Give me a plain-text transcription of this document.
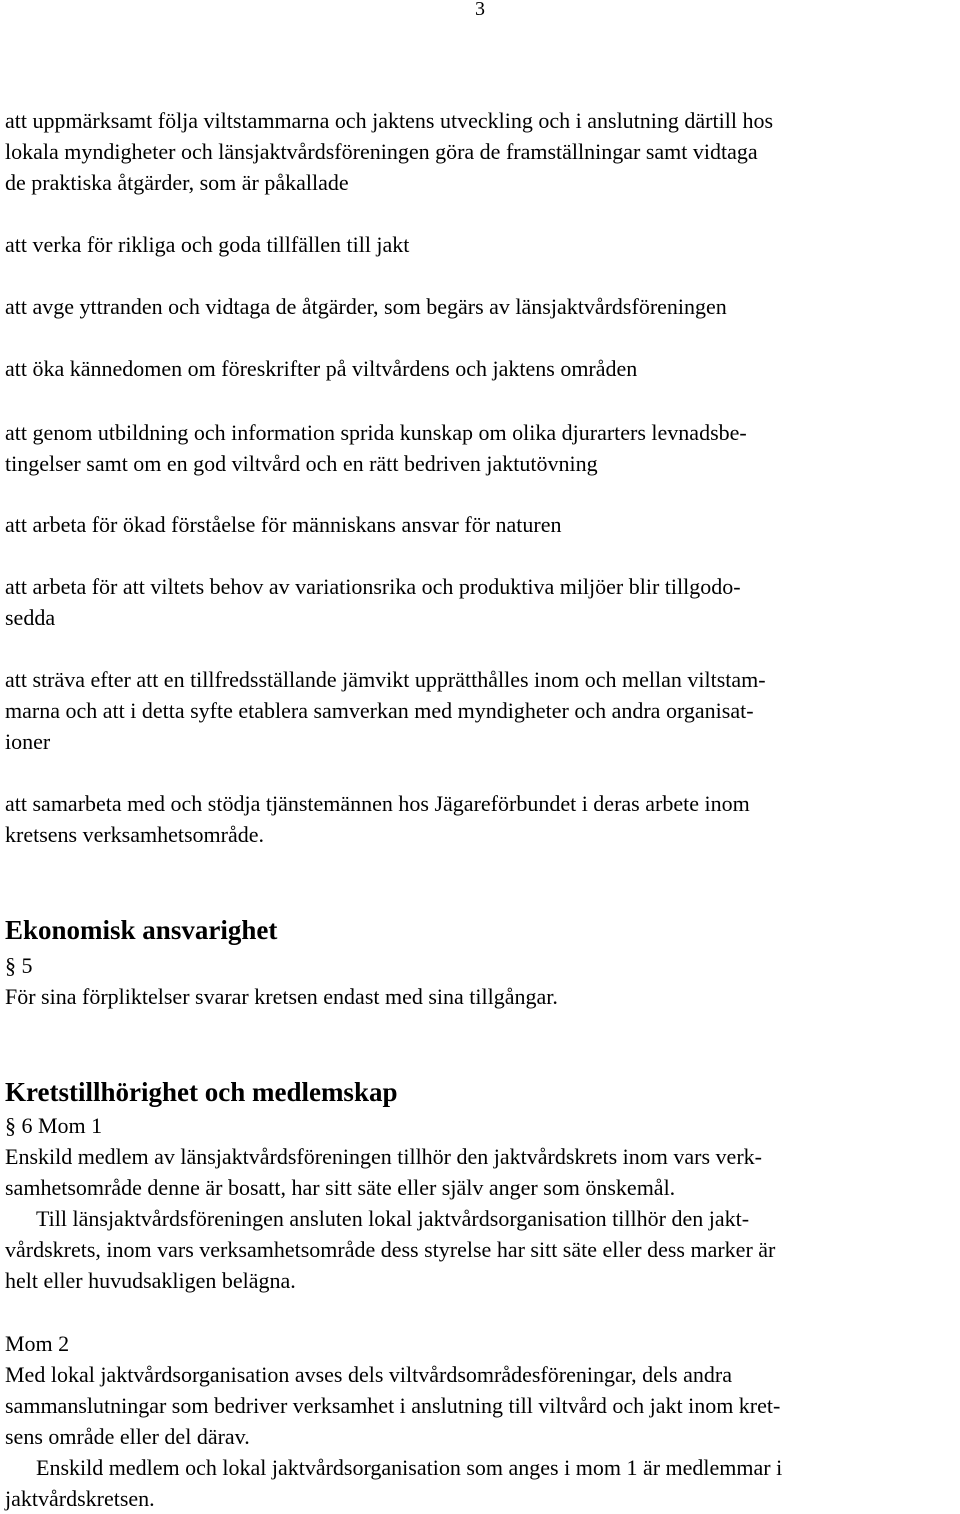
3
att uppmärksamt följa viltstammarna och jaktens utveckling och i anslutning därtill hos
lokala myndigheter och länsjaktvårdsföreningen göra de framställningar samt vidtaga
de praktiska åtgärder, som är påkallade
att verka för rikliga och goda tillfällen till jakt
att avge yttranden och vidtaga de åtgärder, som begärs av länsjaktvårdsföreningen
att öka kännedomen om föreskrifter på viltvårdens och jaktens områden
att genom utbildning och information sprida kunskap om olika djurarters levnadsbe-
tingelser samt om en god viltvård och en rätt bedriven jaktutövning
att arbeta för ökad förståelse för människans ansvar för naturen
att arbeta för att viltets behov av variationsrika och produktiva miljöer blir tillgodo-
sedda
att sträva efter att en tillfredsställande jämvikt upprätthålles inom och mellan viltstam-
marna och att i detta syfte etablera samverkan med myndigheter och andra organisat-
ioner
att samarbeta med och stödja tjänstemännen hos Jägareförbundet i deras arbete inom
kretsens verksamhetsområde.
Ekonomisk ansvarighet
§ 5
För sina förpliktelser svarar kretsen endast med sina tillgångar.
Kretstillhörighet och medlemskap
§ 6 Mom 1
Enskild medlem av länsjaktvårdsföreningen tillhör den jaktvårdskrets inom vars verk-
samhetsområde denne är bosatt, har sitt säte eller själv anger som önskemål.
Till länsjaktvårdsföreningen ansluten lokal jaktvårdsorganisation tillhör den jakt-
vårdskrets, inom vars verksamhetsområde dess styrelse har sitt säte eller dess marker är
helt eller huvudsakligen belägna.
Mom 2
Med lokal jaktvårdsorganisation avses dels viltvårdsområdesföreningar, dels andra
sammanslutningar som bedriver verksamhet i anslutning till viltvård och jakt inom kret-
sens område eller del därav.
Enskild medlem och lokal jaktvårdsorganisation som anges i mom 1 är medlemmar i
jaktvårdskretsen.
